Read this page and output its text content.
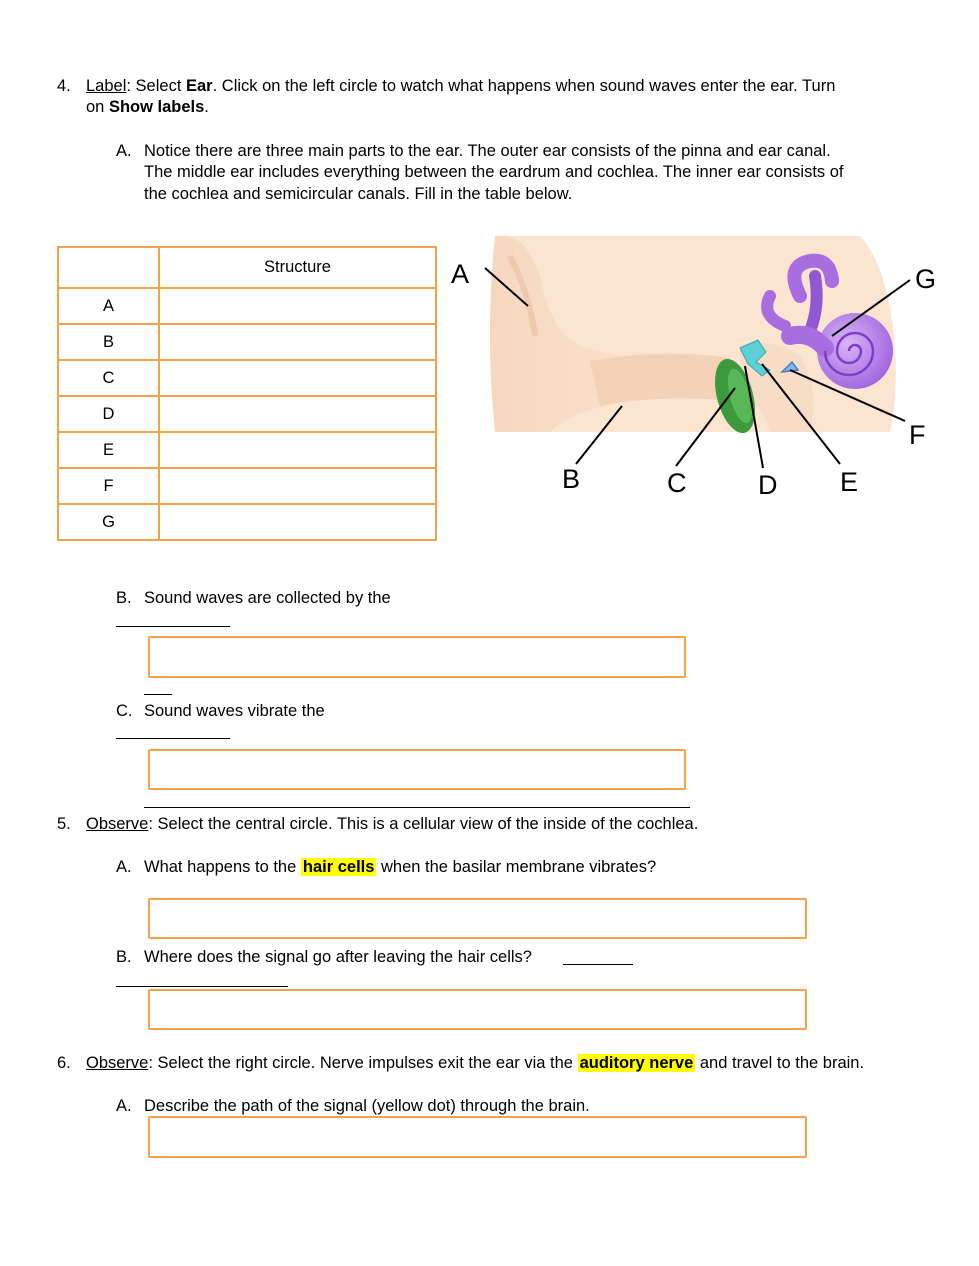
4. Label: Select Ear. Click on the left circle to watch what happens when sound waves enter the ear. Turn
on Show labels.
A. Notice there are three main parts to the ear. The outer ear consists of the pinna and ear canal.
The middle ear includes everything between the eardrum and cochlea. The inner ear consists of
the cochlea and semicircular canals. Fill in the table below.
	Structure
A	
B	
C	
D	
E	
F	
G	
A
B	C	D E
F
G
B. Sound waves are collected by the
C. Sound waves vibrate the
5. Observe: Select the central circle. This is a cellular view of the inside of the cochlea.
A. What happens to the hair cells when the basilar membrane vibrates?
B. Where does the signal go after leaving the hair cells?
6. Observe: Select the right circle. Nerve impulses exit the ear via the auditory nerve and travel to the brain.
A. Describe the path of the signal (yellow dot) through the brain.
